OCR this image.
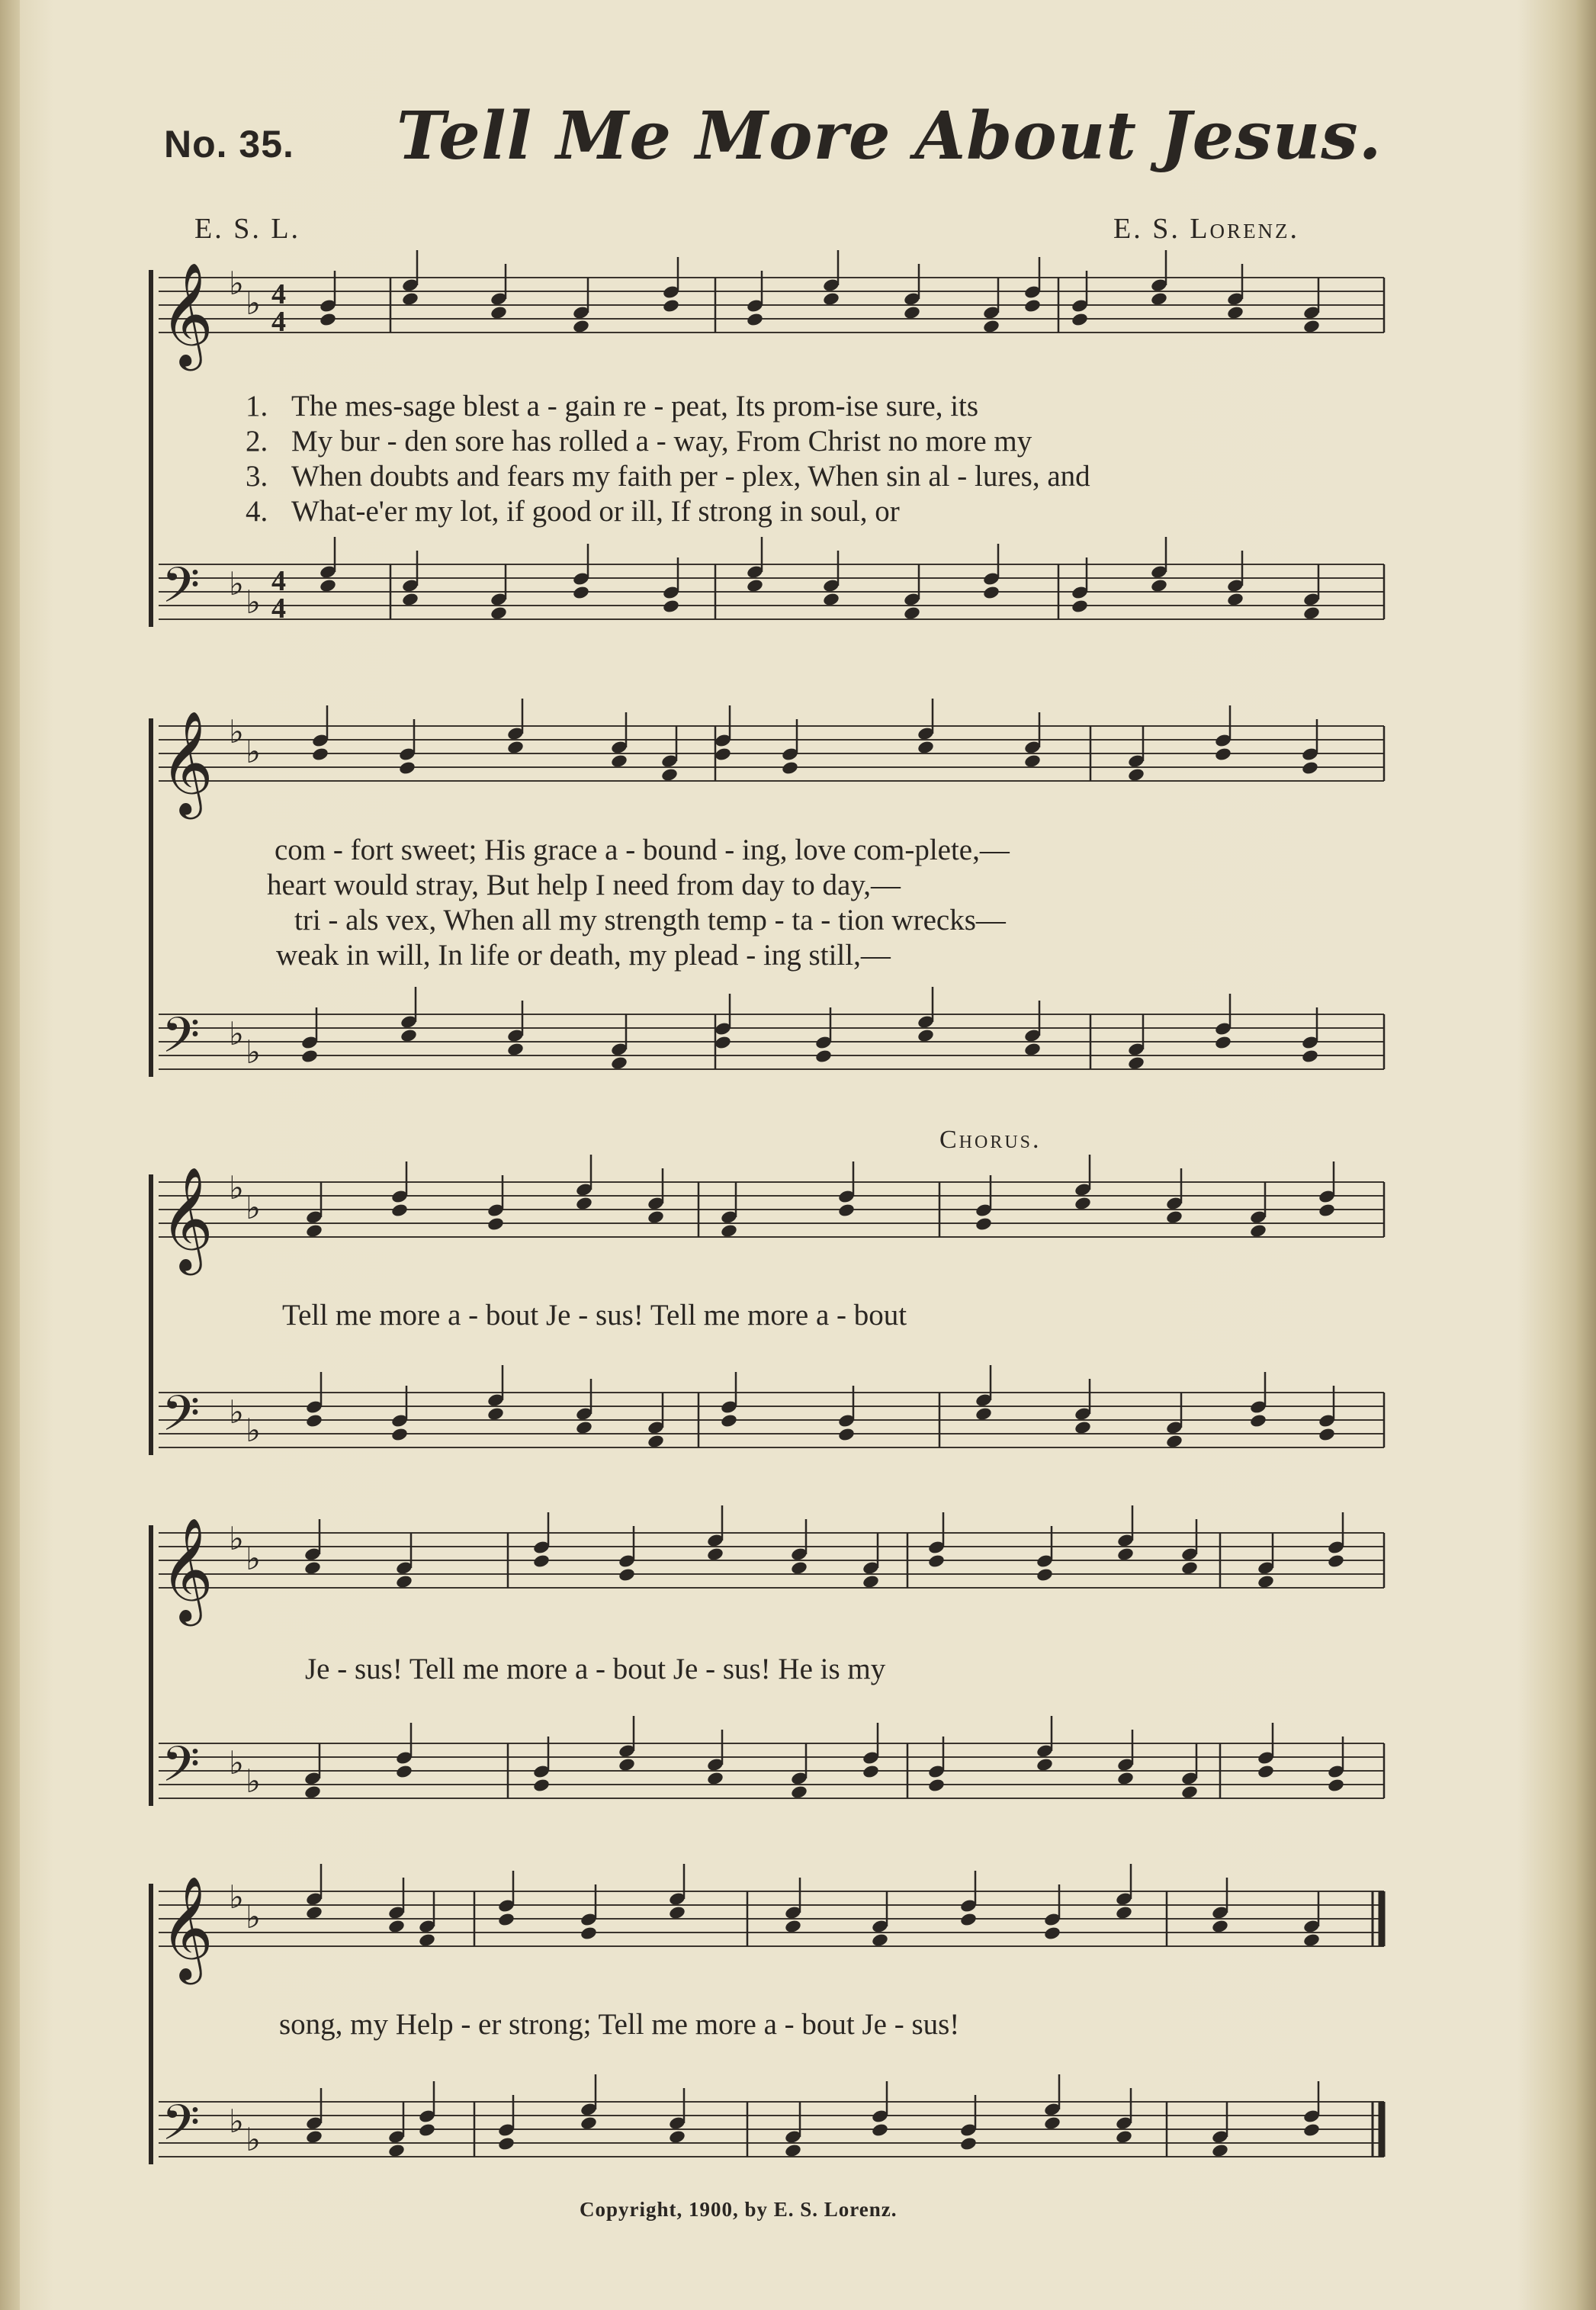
No. 35. Tell Me More About Jesus.
E. S. L.	E. S. Lorenz.
𝄞
𝄢
♭
♭
♭ ♭
4
4
4
4
1. The mes-sage blest a - gain re - peat, Its prom-ise sure, its
2. My bur - den sore has rolled a - way, From Christ no more my
3. When doubts and fears my faith per - plex, When sin al - lures, and
4. What-e'er my lot, if good or ill, If strong in soul, or
𝄞
𝄢
♭
♭
♭ ♭
com - fort sweet; His grace a - bound - ing, love com-plete,—
heart would stray, But help I need from day to day,—
tri - als vex, When all my strength temp - ta - tion wrecks—
weak in will, In life or death, my plead - ing still,—
Chorus.
𝄞
𝄢
♭
♭
♭ ♭
Tell me more a - bout Je - sus! Tell me more a - bout
𝄞
𝄢
♭
♭
♭ ♭
Je - sus! Tell me more a - bout Je - sus! He is my
𝄞
𝄢
♭
♭
♭ ♭
song, my Help - er strong; Tell me more a - bout Je - sus!
Copyright, 1900, by E. S. Lorenz.
